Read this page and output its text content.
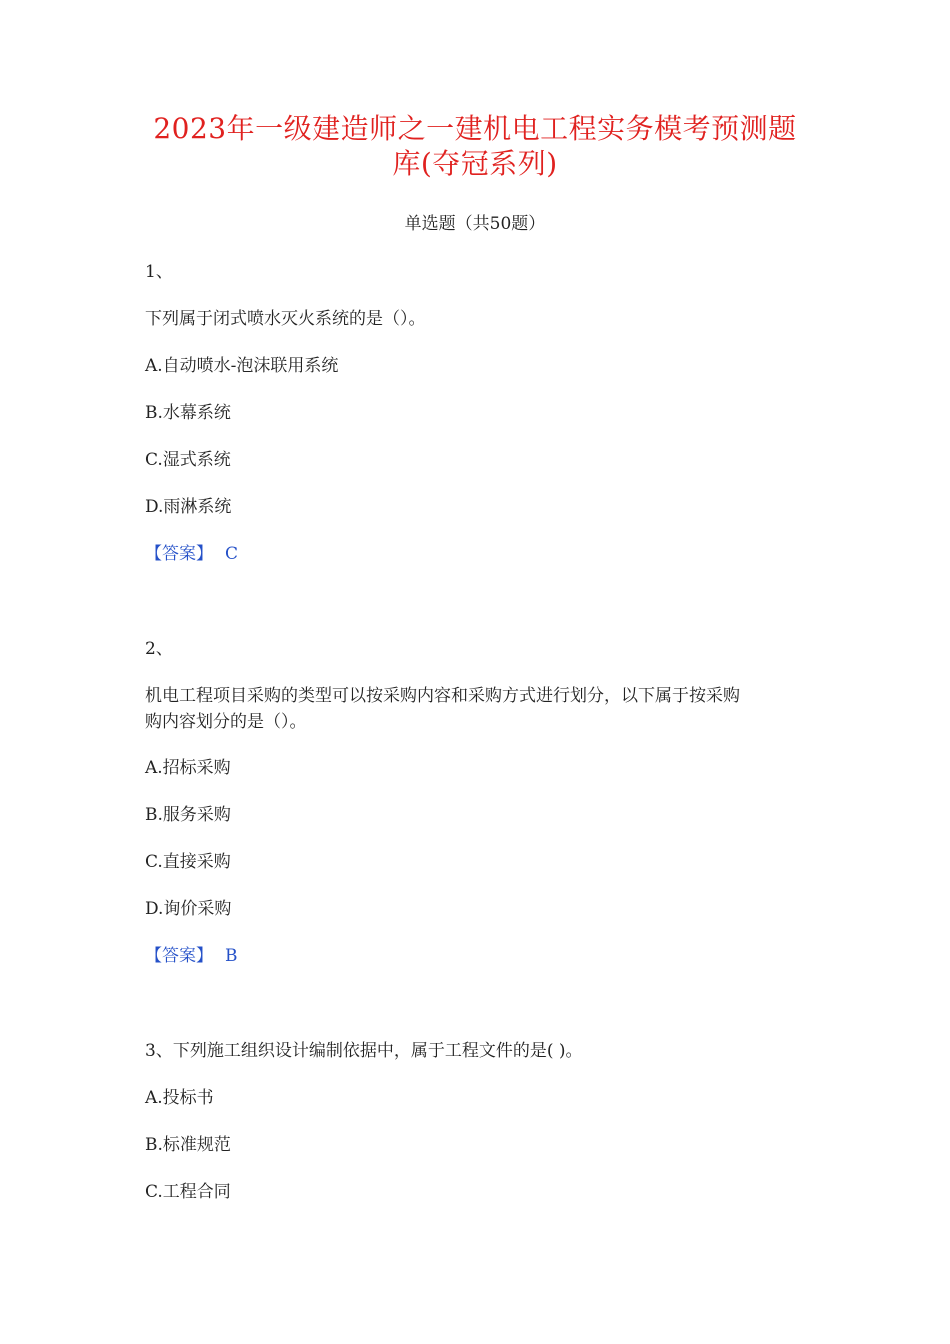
2023年一级建造师之一建机电工程实务模考预测题
库(夺冠系列)
单选题（共50题）
1、
下列属于闭式喷水灭火系统的是（）。
A.自动喷水-泡沫联用系统
B.水幕系统
C.湿式系统
D.雨淋系统
【答案】 C
2、
机电工程项目采购的类型可以按采购内容和采购方式进行划分，以下属于按采购
购内容划分的是（）。
A.招标采购
B.服务采购
C.直接采购
D.询价采购
【答案】 B
3、下列施工组织设计编制依据中，属于工程文件的是( )。
A.投标书
B.标准规范
C.工程合同
